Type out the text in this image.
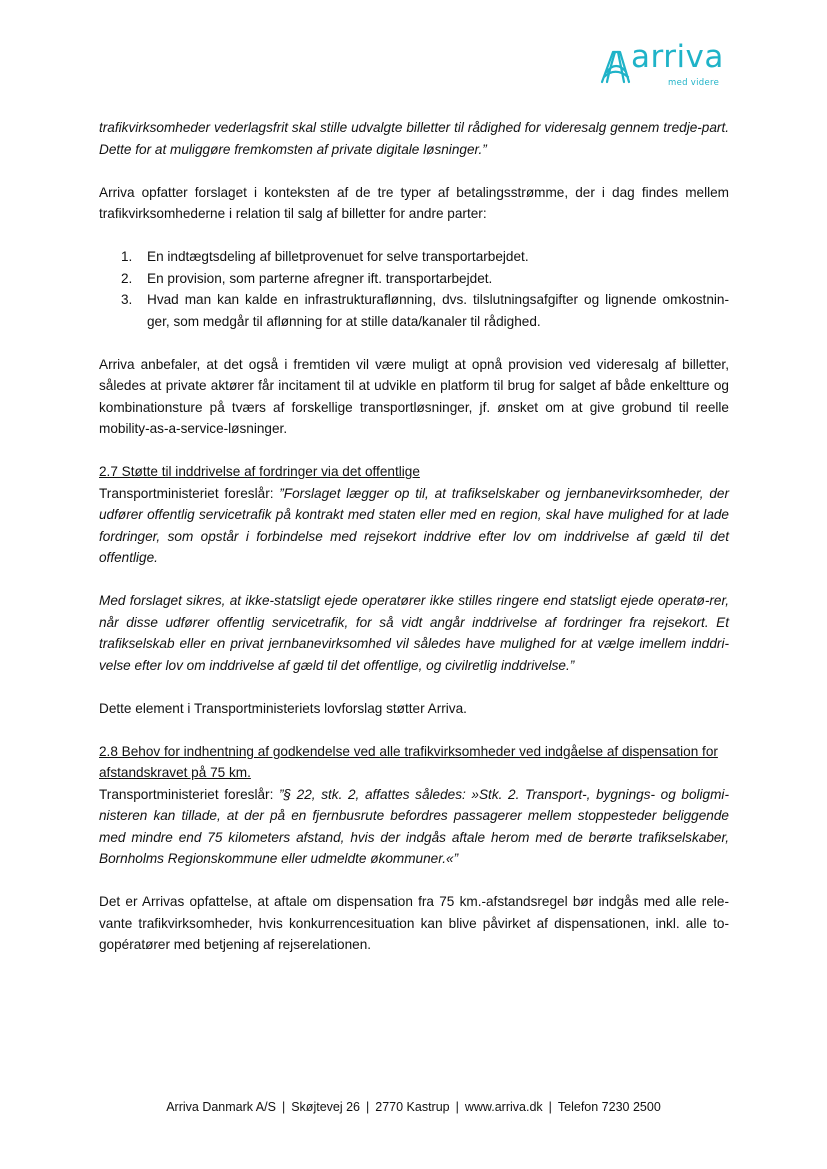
arriva
med videre

trafikvirksomheder vederlagsfrit skal stille udvalgte billetter til rådighed for videresalg gennem tredje-part. Dette for at muliggøre fremkomsten af private digitale løsninger.”

Arriva opfatter forslaget i konteksten af de tre typer af betalingsstrømme, der i dag findes mellem trafikvirksomhederne i relation til salg af billetter for andre parter:

1. En indtægtsdeling af billetprovenuet for selve transportarbejdet.
2. En provision, som parterne afregner ift. transportarbejdet.
3. Hvad man kan kalde en infrastrukturaflønning, dvs. tilslutningsafgifter og lignende omkostnin-ger, som medgår til aflønning for at stille data/kanaler til rådighed.

Arriva anbefaler, at det også i fremtiden vil være muligt at opnå provision ved videresalg af billetter, således at private aktører får incitament til at udvikle en platform til brug for salget af både enkeltture og kombinationsture på tværs af forskellige transportløsninger, jf. ønsket om at give grobund til reelle mobility-as-a-service-løsninger.

2.7 Støtte til inddrivelse af fordringer via det offentlige

Transportministeriet foreslår: ”Forslaget lægger op til, at trafikselskaber og jernbanevirksomheder, der udfører offentlig servicetrafik på kontrakt med staten eller med en region, skal have mulighed for at lade fordringer, som opstår i forbindelse med rejsekort inddrive efter lov om inddrivelse af gæld til det offentlige.

Med forslaget sikres, at ikke-statsligt ejede operatører ikke stilles ringere end statsligt ejede operatø-rer, når disse udfører offentlig servicetrafik, for så vidt angår inddrivelse af fordringer fra rejsekort. Et trafikselskab eller en privat jernbanevirksomhed vil således have mulighed for at vælge imellem inddri-velse efter lov om inddrivelse af gæld til det offentlige, og civilretlig inddrivelse.”

Dette element i Transportministeriets lovforslag støtter Arriva.

2.8 Behov for indhentning af godkendelse ved alle trafikvirksomheder ved indgåelse af dispensation for afstandskravet på 75 km.

Transportministeriet foreslår: ”§ 22, stk. 2, affattes således: »Stk. 2. Transport-, bygnings- og boligmi-nisteren kan tillade, at der på en fjernbusrute befordres passagerer mellem stoppesteder beliggende med mindre end 75 kilometers afstand, hvis der indgås aftale herom med de berørte trafikselskaber, Bornholms Regionskommune eller udmeldte økommuner.«”

Det er Arrivas opfattelse, at aftale om dispensation fra 75 km.-afstandsregel bør indgås med alle rele-vante trafikvirksomheder, hvis konkurrencesituation kan blive påvirket af dispensationen, inkl. alle to-gopératører med betjening af rejserelationen.

Arriva Danmark A/S | Skøjtevej 26 | 2770 Kastrup | www.arriva.dk | Telefon 7230 2500
